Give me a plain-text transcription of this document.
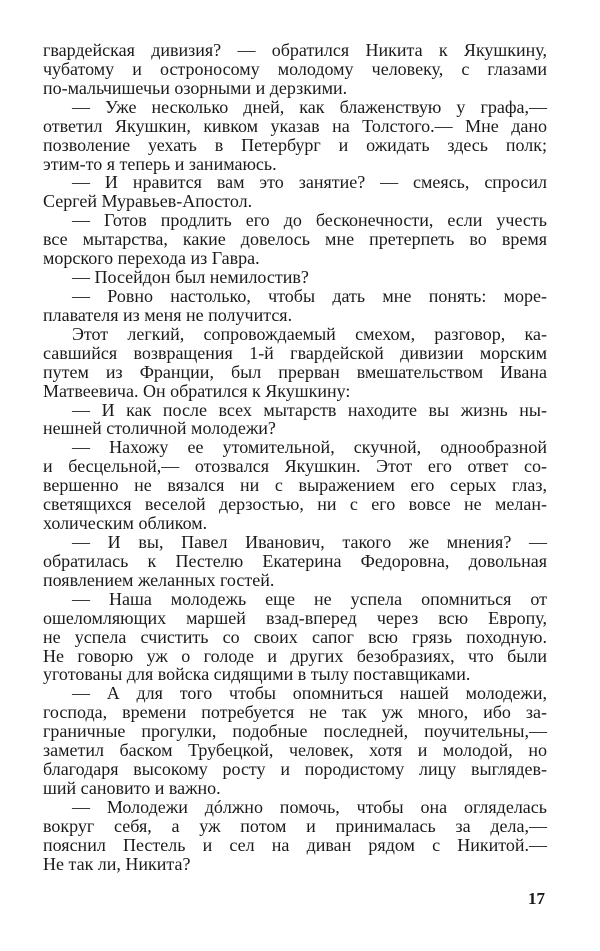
гвардейская дивизия? — обратился Никита к Якушкину,
чубатому и остроносому молодому человеку, с глазами
по-мальчишечьи озорными и дерзкими.
— Уже несколько дней, как блаженствую у графа,—
ответил Якушкин, кивком указав на Толстого.— Мне дано
позволение уехать в Петербург и ожидать здесь полк;
этим-то я теперь и занимаюсь.
— И нравится вам это занятие? — смеясь, спросил
Сергей Муравьев-Апостол.
— Готов продлить его до бесконечности, если учесть
все мытарства, какие довелось мне претерпеть во время
морского перехода из Гавра.
— Посейдон был немилостив?
— Ровно настолько, чтобы дать мне понять: море-
плавателя из меня не получится.
Этот легкий, сопровождаемый смехом, разговор, ка-
савшийся возвращения 1-й гвардейской дивизии морским
путем из Франции, был прерван вмешательством Ивана
Матвеевича. Он обратился к Якушкину:
— И как после всех мытарств находите вы жизнь ны-
нешней столичной молодежи?
— Нахожу ее утомительной, скучной, однообразной
и бесцельной,— отозвался Якушкин. Этот его ответ со-
вершенно не вязался ни с выражением его серых глаз,
светящихся веселой дерзостью, ни с его вовсе не мелан-
холическим обликом.
— И вы, Павел Иванович, такого же мнения? —
обратилась к Пестелю Екатерина Федоровна, довольная
появлением желанных гостей.
— Наша молодежь еще не успела опомниться от
ошеломляющих маршей взад-вперед через всю Европу,
не успела счистить со своих сапог всю грязь походную.
Не говорю уж о голоде и других безобразиях, что были
уготованы для войска сидящими в тылу поставщиками.
— А для того чтобы опомниться нашей молодежи,
господа, времени потребуется не так уж много, ибо за-
граничные прогулки, подобные последней, поучительны,—
заметил баском Трубецкой, человек, хотя и молодой, но
благодаря высокому росту и породистому лицу выглядев-
ший сановито и важно.
— Молодежи дóлжно помочь, чтобы она огляделась
вокруг себя, а уж потом и принималась за дела,—
пояснил Пестель и сел на диван рядом с Никитой.—
Не так ли, Никита?
17
